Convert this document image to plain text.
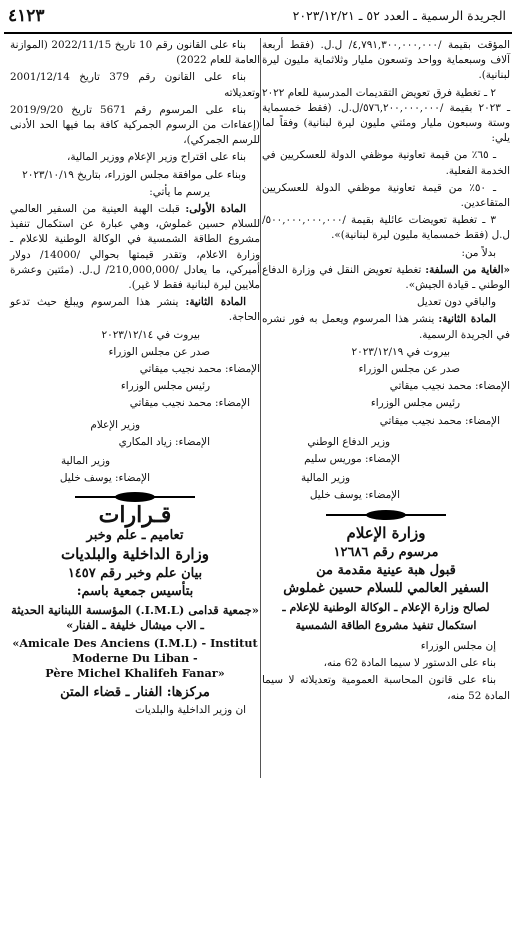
الجريدة الرسمية ـ العدد ٥٢ ـ ٢٠٢٣/١٢/٢١
٤١٢٣

المؤقت بقيمة /٤,٧٩١,٣٠٠,٠٠٠,٠٠٠/ ل.ل. (فقط أربعة آلاف وسبعماية وواحد وتسعون مليار وثلاثماية مليون ليرة لبنانية).

٢ ـ تغطية فرق تعويض التقديمات المدرسية للعام ٢٠٢٢ ـ ٢٠٢٣ بقيمة /٥٧٦,٢٠٠,٠٠٠,٠٠٠/ل.ل. (فقط خمسماية وستة وسبعون مليار ومئتي مليون ليرة لبنانية) وفقاً لما يلي:

ـ ٦٥٪ من قيمة تعاونية موظفي الدولة للعسكريين في الخدمة الفعلية.

ـ ٥٠٪ من قيمة تعاونية موظفي الدولة للعسكريين المتقاعدين.

٣ ـ تغطية تعويضات عائلية بقيمة /٥٠٠,٠٠٠,٠٠٠,٠٠٠/ ل.ل (فقط خمسماية مليون ليرة لبنانية)».

بدلاً من:

«الغاية من السلفة: تغطية تعويض النقل في وزارة الدفاع الوطني ـ قيادة الجيش».

والباقي دون تعديل

المادة الثانية: ينشر هذا المرسوم ويعمل به فور نشره في الجريدة الرسمية.

بيروت في ٢٠٢٣/١٢/١٩

صدر عن مجلس الوزراء

الإمضاء: محمد نجيب ميقاتي

رئيس مجلس الوزراء

الإمضاء: محمد نجيب ميقاتي

وزير الدفاع الوطني

الإمضاء: موريس سليم

وزير المالية

الإمضاء: يوسف خليل

وزارة الإعلام
مرسوم رقم ١٢٦٨٦
قبول هبة عينية مقدمة من
السفير العالمي للسلام حسين غملوش
لصالح وزارة الإعلام ـ الوكالة الوطنية للإعلام ـ
استكمال تنفيذ مشروع الطاقة الشمسية

إن مجلس الوزراء

بناء على الدستور لا سيما المادة 62 منه،

بناء على قانون المحاسبة العمومية وتعديلاته لا سيما المادة 52 منه،

بناء على القانون رقم 10 تاريخ 2022/11/15 (الموازنة العامة للعام 2022)

بناء على القانون رقم 379 تاريخ 2001/12/14 وتعديلاته

بناء على المرسوم رقم 5671 تاريخ 2019/9/20 (إعفاءات من الرسوم الجمركية كافة بما فيها الحد الأدنى للرسم الجمركي)،

بناء على اقتراح وزير الإعلام ووزير المالية،

وبناء على موافقة مجلس الوزراء، بتاريخ ٢٠٢٣/١٠/١٩

يرسم ما يأتي:

المادة الأولى: قبلت الهبة العينية من السفير العالمي للسلام حسين غملوش، وهي عبارة عن استكمال تنفيذ مشروع الطاقة الشمسية في الوكالة الوطنية للاعلام ـ وزارة الاعلام، وتقدر قيمتها بحوالي /14000/ دولار أميركي، ما يعادل /210,000,000/ ل.ل. (مئتين وعشرة ملايين ليرة لبنانية فقط لا غير).

المادة الثانية: ينشر هذا المرسوم ويبلغ حيث تدعو الحاجة.

بيروت في ٢٠٢٣/١٢/١٤

صدر عن مجلس الوزراء

الإمضاء: محمد نجيب ميقاتي

رئيس مجلس الوزراء

الإمضاء: محمد نجيب ميقاتي

وزير الإعلام

الإمضاء: زياد المكاري

وزير المالية

الإمضاء: يوسف خليل

قـرارات
تعاميم ـ علم وخبر
وزارة الداخلية والبلديات
بيان علم وخبر رقم ١٤٥٧
بتأسيس جمعية باسم:
«جمعية قدامى (I.M.L.) المؤسسة اللبنانية الحديثة ـ الاب ميشال خليفة ـ الفنار»
«Amicale Des Anciens (I.M.L) - Institut
Moderne Du Liban -
Père Michel Khalifeh Fanar»
مركزها: الفنار ـ قضاء المتن

ان وزير الداخلية والبلديات
